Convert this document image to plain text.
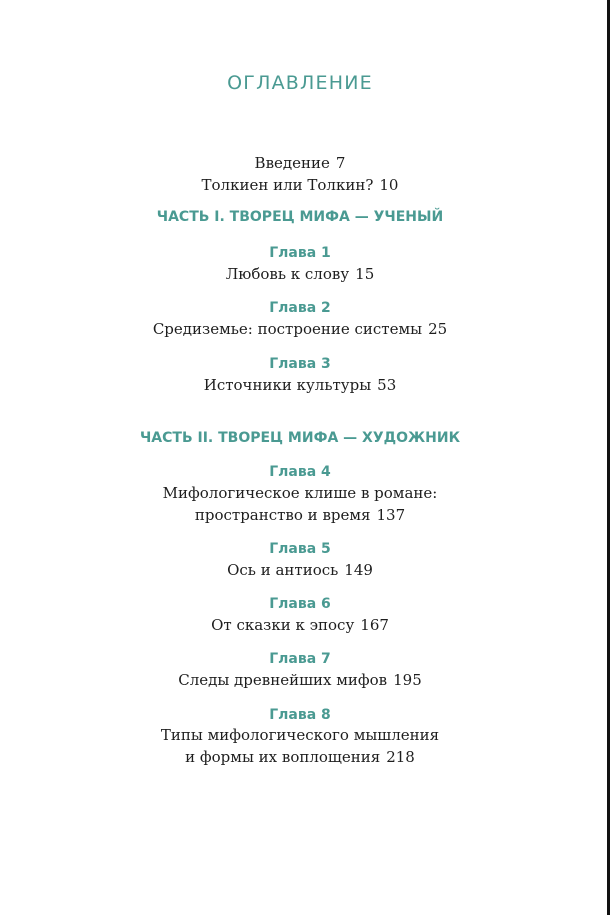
ОГЛАВЛЕНИЕ
Введение 7
Толкиен или Толкин? 10
ЧАСТЬ I. ТВОРЕЦ МИФА — УЧЕНЫЙ
Глава 1
Любовь к слову 15
Глава 2
Средиземье: построение системы 25
Глава 3
Источники культуры 53
ЧАСТЬ II. ТВОРЕЦ МИФА — ХУДОЖНИК
Глава 4
Мифологическое клише в романе:
пространство и время 137
Глава 5
Ось и антиось 149
Глава 6
От сказки к эпосу 167
Глава 7
Следы древнейших мифов 195
Глава 8
Типы мифологического мышления
и формы их воплощения 218
